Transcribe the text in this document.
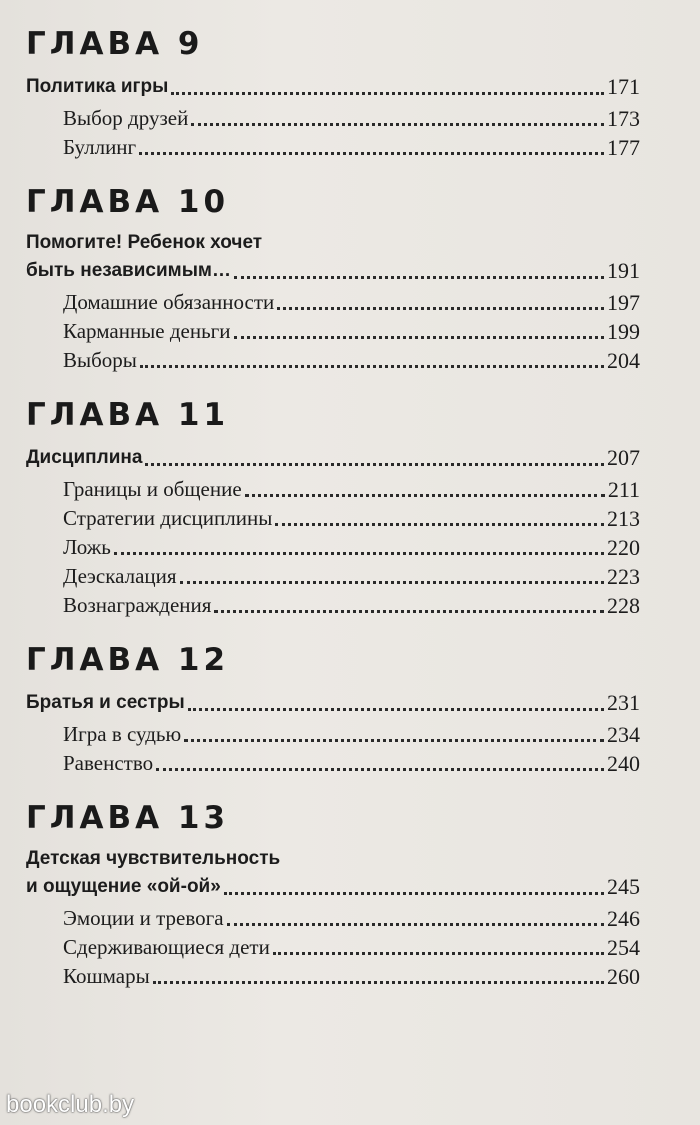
ГЛАВА 9
Политика игры	171
Выбор друзей	173
Буллинг	177
ГЛАВА 10
Помогите! Ребенок хочет
быть независимым…	191
Домашние обязанности	197
Карманные деньги	199
Выборы	204
ГЛАВА 11
Дисциплина	207
Границы и общение	211
Стратегии дисциплины	213
Ложь	220
Деэскалация	223
Вознаграждения	228
ГЛАВА 12
Братья и сестры	231
Игра в судью	234
Равенство	240
ГЛАВА 13
Детская чувствительность
и ощущение «ой-ой»	245
Эмоции и тревога	246
Сдерживающиеся дети	254
Кошмары	260
bookclub.by
